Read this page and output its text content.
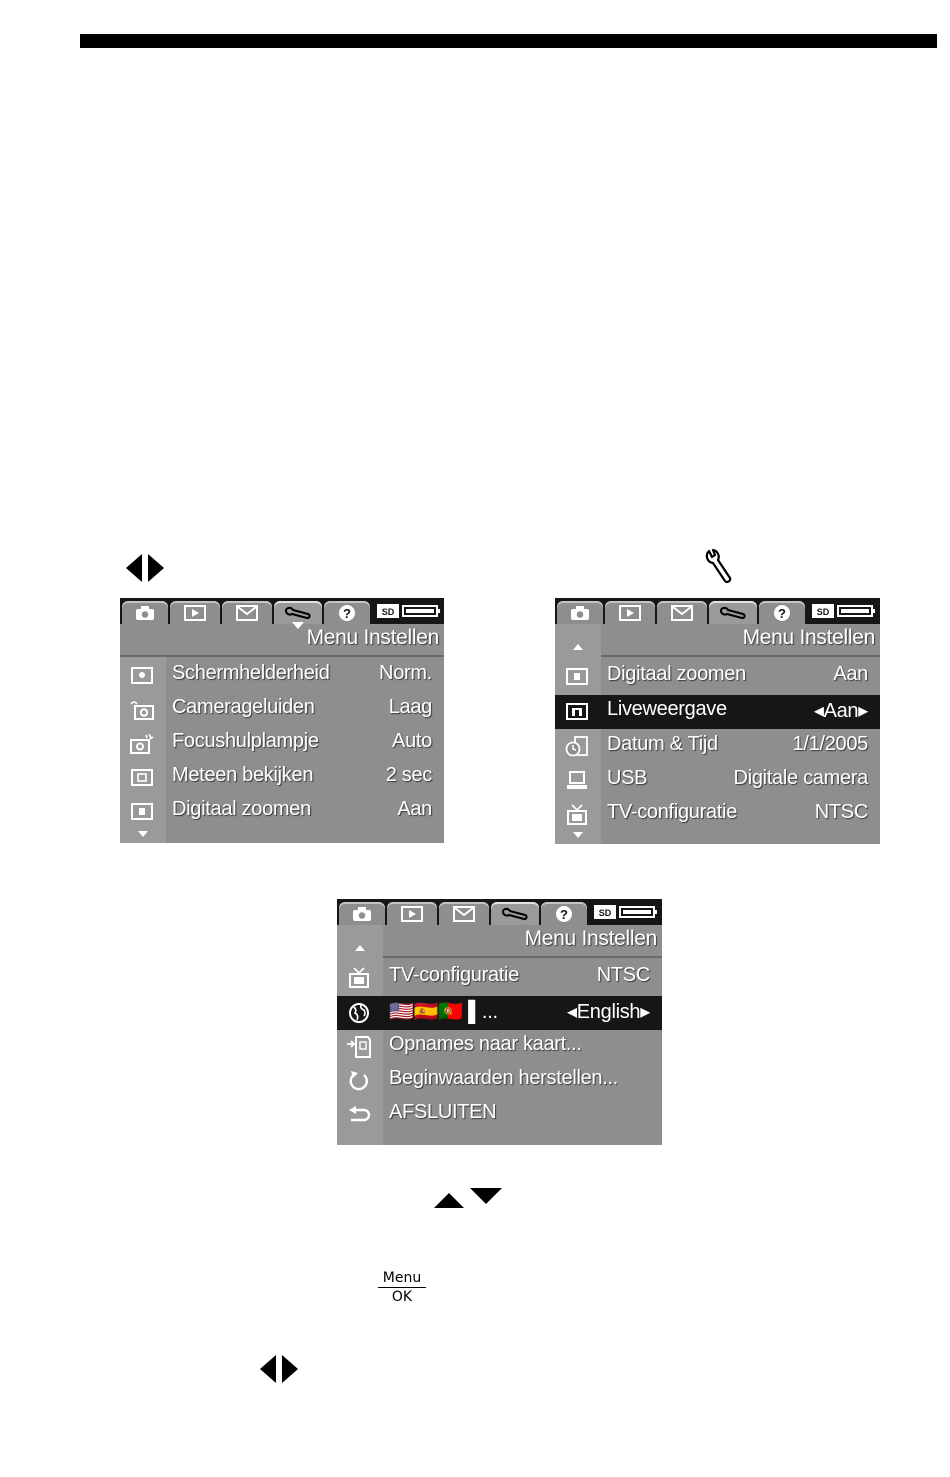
?	SD
Menu Instellen
Schermhelderheid Norm.
Camerageluiden	Laag
Focushulplampje	Auto
Meteen bekijken	2 sec
Digitaal zoomen	Aan
?	SD
Menu Instellen
Digitaal zoomen	Aan
Liveweergave	◂Aan▸
Datum & Tijd	1/1/2005
USB	Digitale camera
TV-configuratie	NTSC
?	SD
Menu Instellen
TV-configuratie	NTSC
🇺🇸🇪🇸🇵🇹 ▌...	◂English▸
Opnames naar kaart...
Beginwaarden herstellen...
AFSLUITEN
Menu
OK
